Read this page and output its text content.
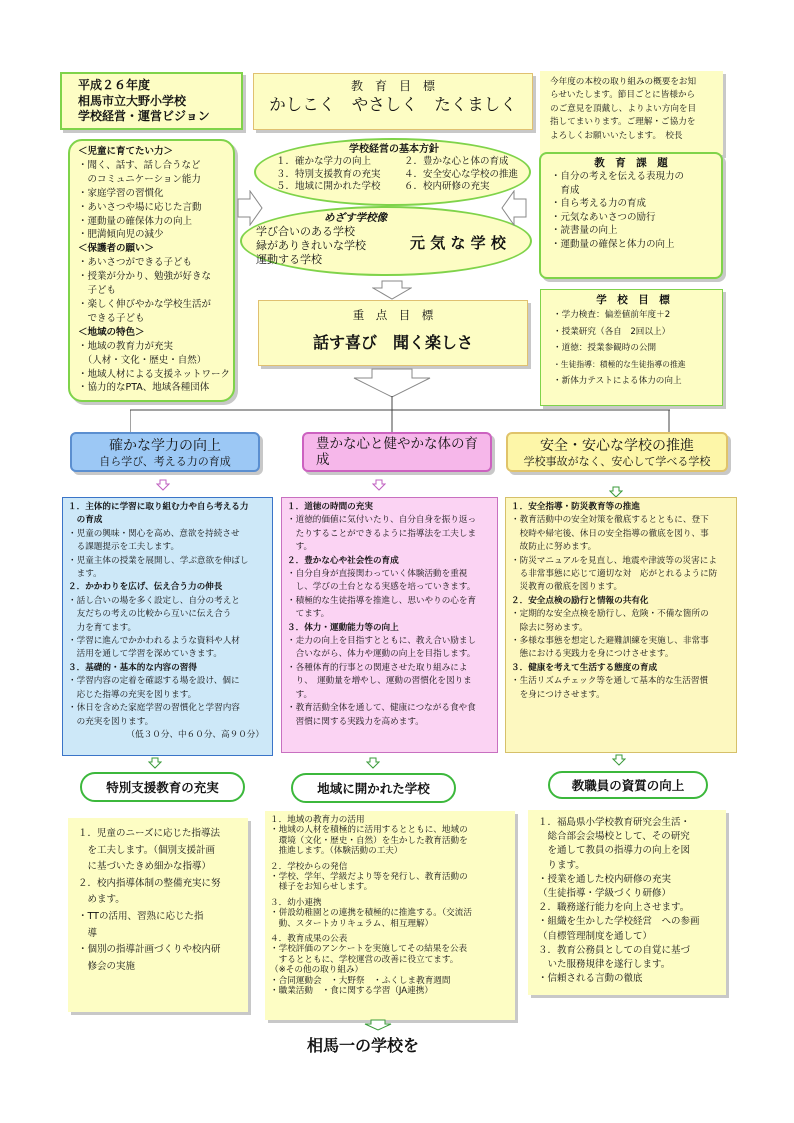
平成２６年度
相馬市立大野小学校
学校経営・運営ビジョン
教　育　目　標
かしこく　やさしく　たくましく
今年度の本校の取り組みの概要をお知
らせいたします。節目ごとに皆様から
のご意見を頂戴し、よりよい方向を目
指してまいります。ご理解・ご協力を
よろしくお願いいたします。　校長
＜児童に育てたい力＞
・聞く、話す、話し合うなど
　のコミュニケーション能力
・家庭学習の習慣化
・あいさつや場に応じた言動
・運動量の確保体力の向上
・肥満傾向児の減少
＜保護者の願い＞
・あいさつができる子ども
・授業が分かり、勉強が好きな
　子ども
・楽しく伸びやかな学校生活が
　できる子ども
＜地域の特色＞
・地域の教育力が充実
　（人材・文化・歴史・自然）
・地域人材による支援ネットワーク
・協力的なPTA、地域各種団体
学校経営の基本方針
１．確かな学力の向上
３．特別支援教育の充実
５．地域に開かれた学校
２．豊かな心と体の育成
４．安全安心な学校の推進
６．校内研修の充実
めざす学校像
学び合いのある学校
緑がありきれいな学校
運動する学校
元 気 な 学 校
教　育　課　題
・自分の考えを伝える表現力の
　育成
・自ら考える力の育成
・元気なあいさつの励行
・読書量の向上
・運動量の確保と体力の向上
重　点　目　標
話す喜び　聞く楽しさ
学　校　目　標
・学力検査：偏差値前年度＋2
・授業研究（各自　2回以上）
・道徳：授業参観時の公開
・生徒指導：積極的な生徒指導の推進
・新体力テストによる体力の向上
確かな学力の向上
自ら学び、考える力の育成
豊かな心と健やかな体の育成
安全・安心な学校の推進
学校事故がなく、安心して学べる学校
１．主体的に学習に取り組む力や自ら考える力
　の育成
・児童の興味・関心を高め、意欲を持続させ
　る課題提示を工夫します。
・児童主体の授業を展開し、学ぶ意欲を伸ばし
　ます。
２．かかわりを広げ、伝え合う力の伸長
・話し合いの場を多く設定し、自分の考えと
　友だちの考えの比較から互いに伝え合う
　力を育てます。
・学習に進んでかかわれるような資料や人材
　活用を通して学習を深めていきます。
３．基礎的・基本的な内容の習得
・学習内容の定着を確認する場を設け、個に
　応じた指導の充実を図ります。
・休日を含めた家庭学習の習慣化と学習内容
　の充実を図ります。
（低３０分、中６０分、高９０分）
１．道徳の時間の充実
・道徳的価値に気付いたり、自分自身を振り返っ
　たりすることができるように指導法を工夫しま
　す。
２．豊かな心や社会性の育成
・自分自身が直接関わっていく体験活動を重視
　し、学びの土台となる実感を培っていきます。
・積極的な生徒指導を推進し、思いやりの心を育
　てます。
３．体力・運動能力等の向上
・走力の向上を目指すとともに、教え合い励まし
　合いながら、体力や運動の向上を目指します。
・各種体育的行事との関連させた取り組みによ
　り、　運動量を増やし、運動の習慣化を図りま
　す。
・教育活動全体を通して、健康につながる食や食
　習慣に関する実践力を高めます。
１．安全指導・防災教育等の推進
・教育活動中の安全対策を徹底するとともに、登下
　校時や帰宅後、休日の安全指導の徹底を図り、事
　故防止に努めます。
・防災マニュアルを見直し、地震や津波等の災害によ
　る非常事態に応じて適切な対　応がとれるように防
　災教育の徹底を図ります。
２．安全点検の励行と情報の共有化
・定期的な安全点検を励行し、危険・不備な箇所の
　除去に努めます。
・多様な事態を想定した避難訓練を実施し、非常事
　態における実践力を身につけさせます。
３．健康を考えて生活する態度の育成
・生活リズムチェック等を通して基本的な生活習慣
　を身につけさせます。
特別支援教育の充実	地域に開かれた学校	教職員の資質の向上
１．児童のニーズに応じた指導法
　を工夫します。（個別支援計画
　に基づいたきめ細かな指導）
２．校内指導体制の整備充実に努
　めます。
・TTの活用、習熟に応じた指
　導
・個別の指導計画づくりや校内研
　修会の実施
１．地域の教育力の活用
・地域の人材を積極的に活用するとともに、地域の
　環境（文化・歴史・自然）を生かした教育活動を
　推進します。（体験活動の工夫）
２．学校からの発信
・学校、学年、学級だより等を発行し、教育活動の
　様子をお知らせします。
３．幼小連携
・併設幼稚園との連携を積極的に推進する。（交流活
　動、スタートカリキュラム、相互理解）
４．教育成果の公表
・学校評価のアンケートを実施してその結果を公表
　するとともに、学校運営の改善に役立てます。
（※その他の取り組み）
・合同運動会　・大野祭　・ふくしま教育週間
・職業活動　・食に関する学習（JA連携）
１．福島県小学校教育研究会生活・
　総合部会会場校として、その研究
　を通して教員の指導力の向上を図
　ります。
・授業を通した校内研修の充実
（生徒指導・学級づくり研修）
２．職務遂行能力を向上させます。
・組織を生かした学校経営　への参画
（自標管理制度を通して）
３．教育公務員としての自覚に基づ
　いた服務規律を遂行します。
・信頼される言動の徹底
相馬一の学校を
